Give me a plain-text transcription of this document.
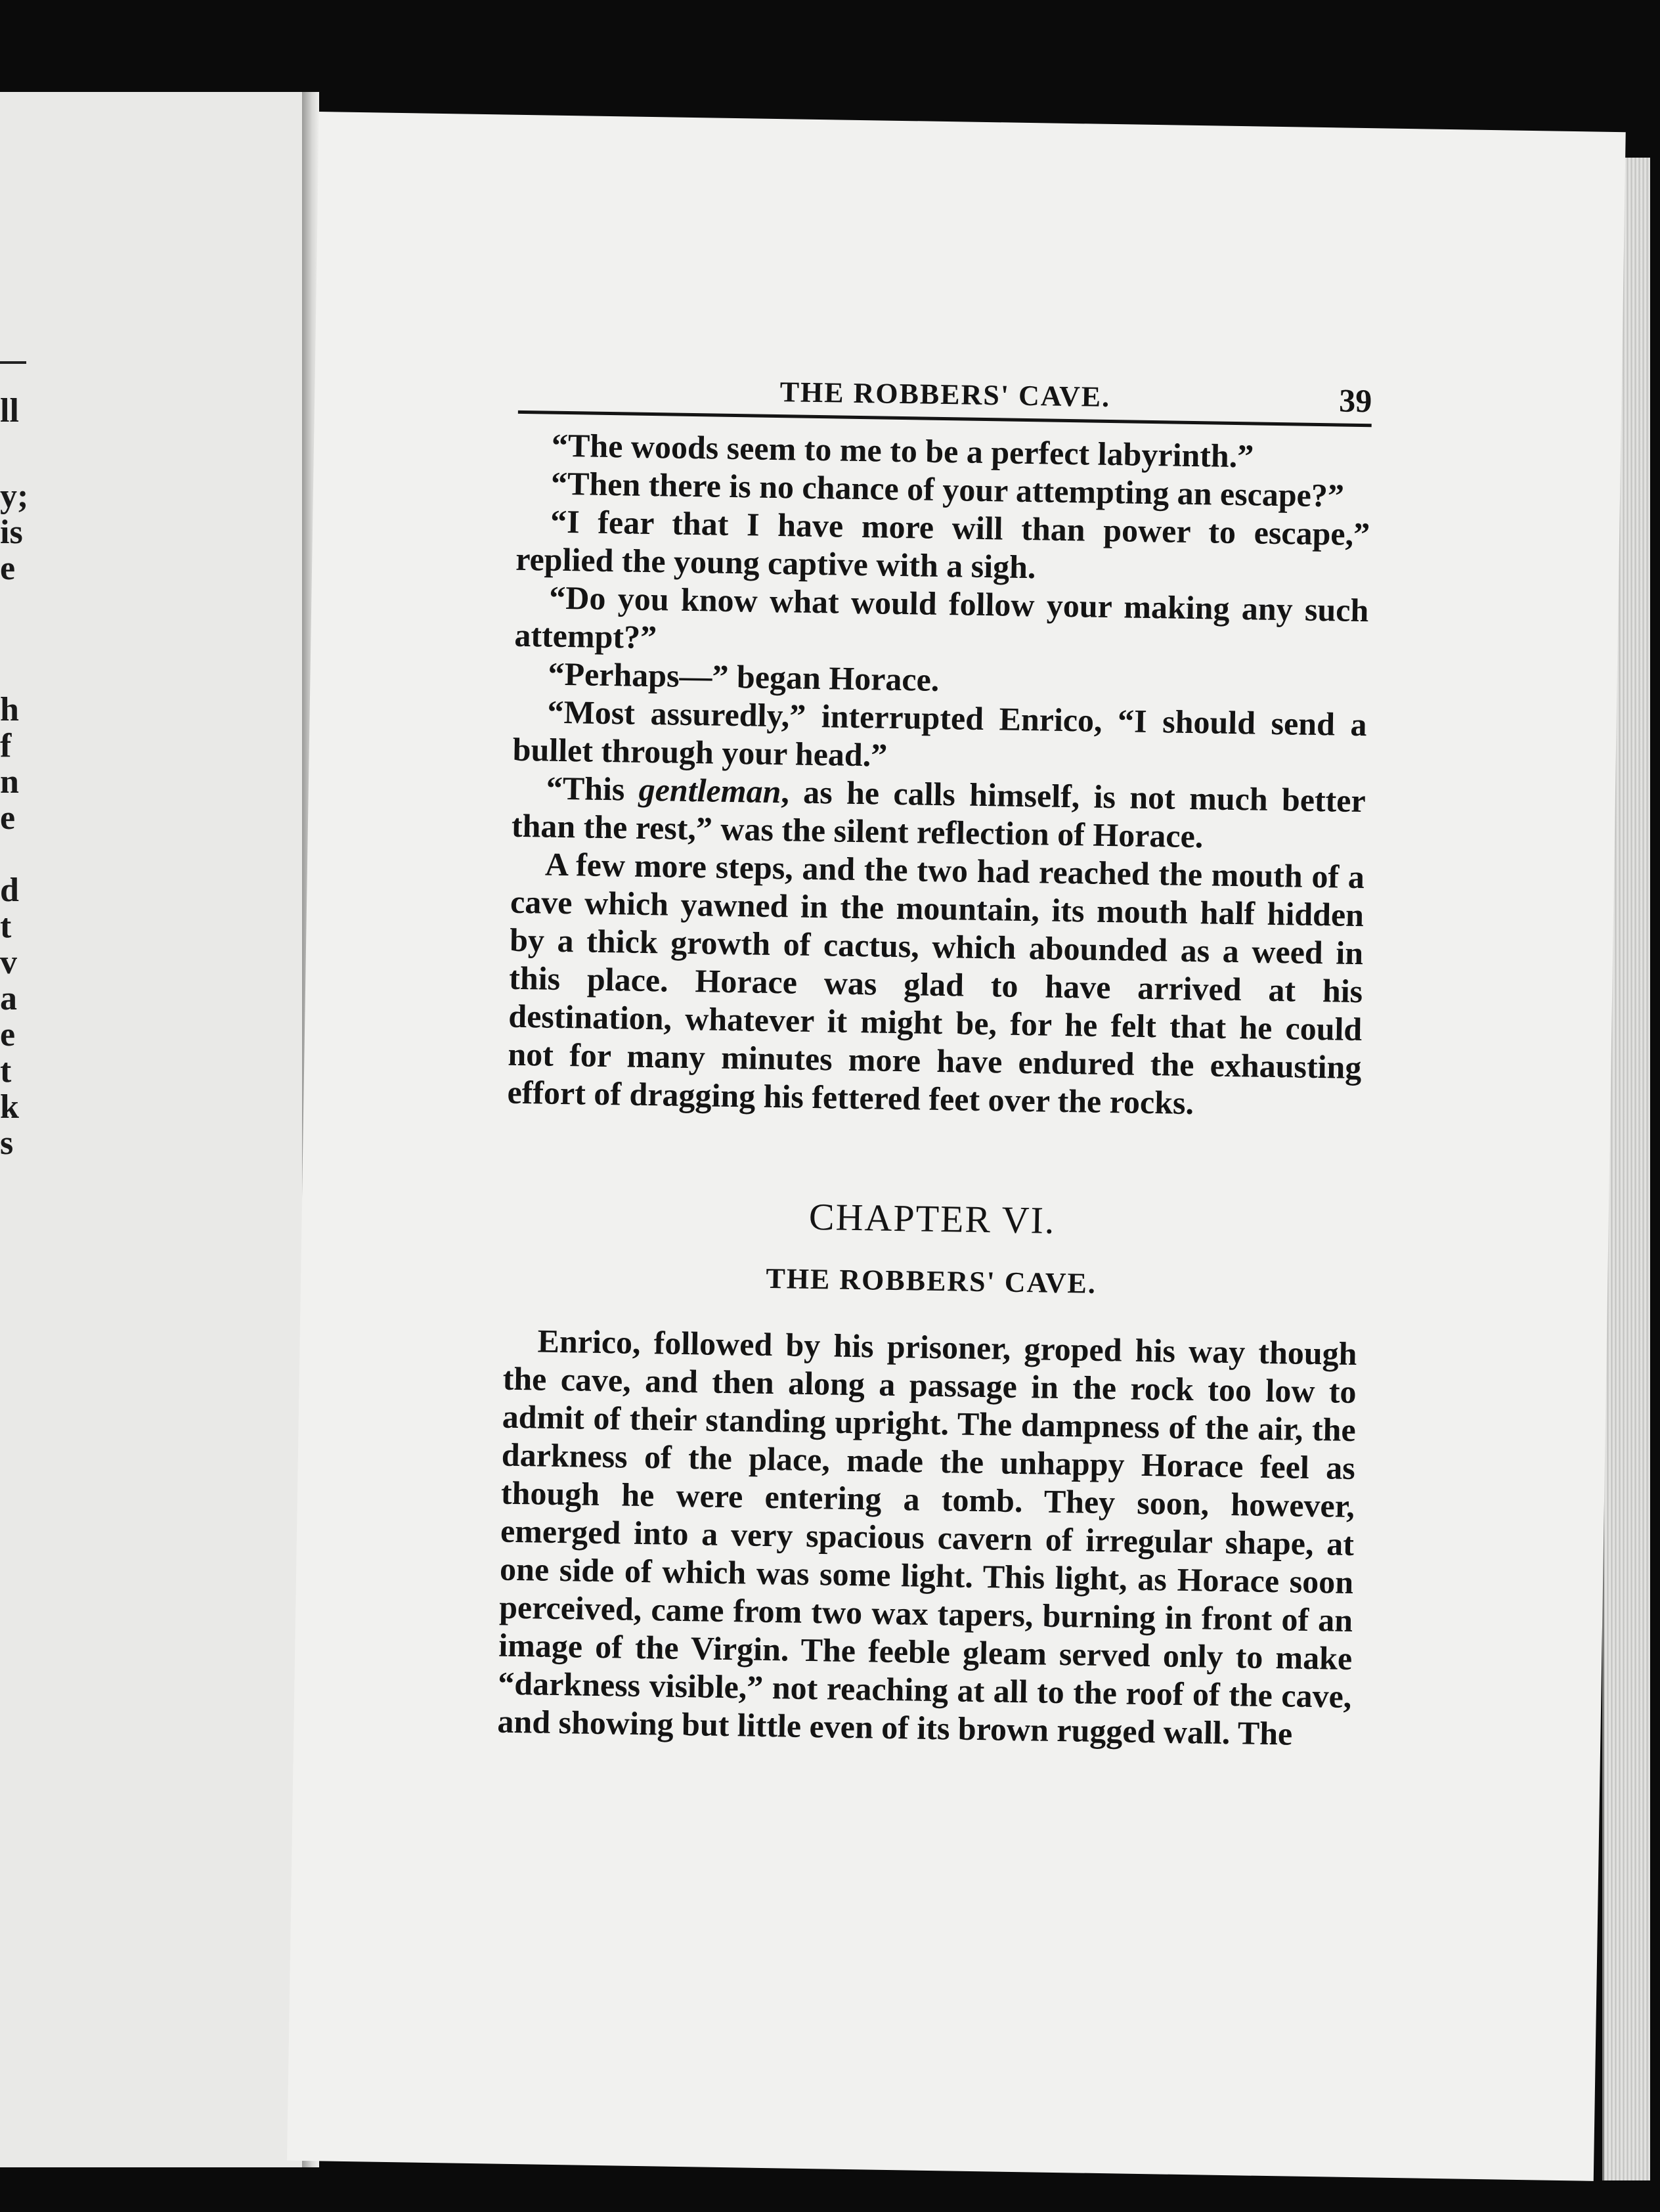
ll
y;
is
e
h
f
n
e
d
t
v
a
e
t
k
s
THE ROBBERS' CAVE.	39

“The woods seem to me to be a perfect labyrinth.”

“Then there is no chance of your attempting an escape?”

“I fear that I have more will than power to escape,” replied the young captive with a sigh.

“Do you know what would follow your making any such attempt?”

“Perhaps—” began Horace.

“Most assuredly,” interrupted Enrico, “I should send a bullet through your head.”

“This gentleman, as he calls himself, is not much better than the rest,” was the silent reflection of Horace.

A few more steps, and the two had reached the mouth of a cave which yawned in the mountain, its mouth half hidden by a thick growth of cactus, which abounded as a weed in this place. Horace was glad to have arrived at his destination, whatever it might be, for he felt that he could not for many minutes more have endured the exhausting effort of dragging his fettered feet over the rocks.

CHAPTER VI.
THE ROBBERS' CAVE.

Enrico, followed by his prisoner, groped his way though the cave, and then along a passage in the rock too low to admit of their standing upright. The dampness of the air, the darkness of the place, made the unhappy Horace feel as though he were entering a tomb. They soon, however, emerged into a very spacious cavern of irregular shape, at one side of which was some light. This light, as Horace soon perceived, came from two wax tapers, burning in front of an image of the Virgin. The feeble gleam served only to make “darkness visible,” not reaching at all to the roof of the cave, and showing but little even of its brown rugged wall. The
